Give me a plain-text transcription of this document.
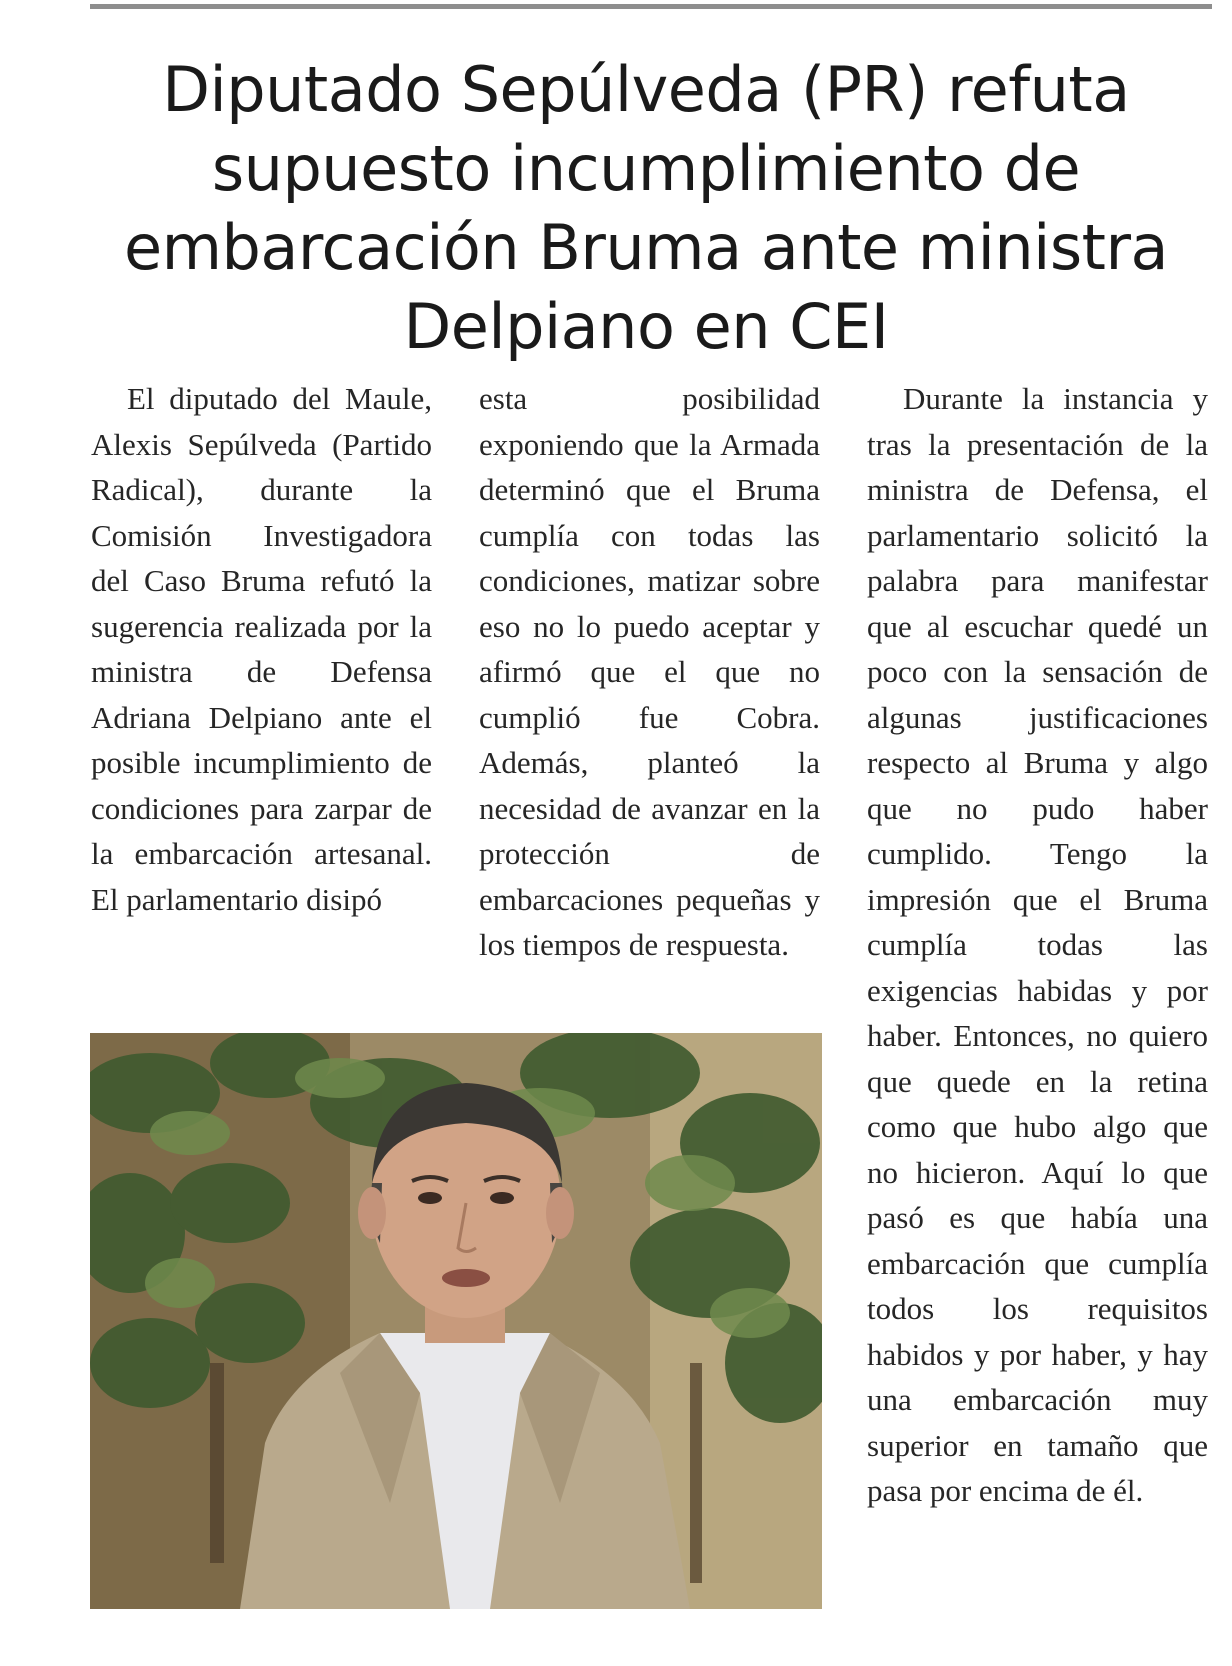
Diputado Sepúlveda (PR) refuta supuesto incumplimiento de embarcación Bruma ante ministra Delpiano en CEI

El diputado del Maule, Alexis Sepúlveda (Partido Radical), durante la Comisión Investigadora del Caso Bruma refutó la sugerencia realizada por la ministra de Defensa Adriana Delpiano ante el posible incumplimiento de condiciones para zarpar de la embarcación artesanal. El parlamentario disipó

esta posibilidad exponiendo que la Armada determinó que el Bruma cumplía con todas las condiciones, matizar sobre eso no lo puedo aceptar y afirmó que el que no cumplió fue Cobra. Además, planteó la necesidad de avanzar en la protección de embarcaciones pequeñas y los tiempos de respuesta.

Durante la instancia y tras la presentación de la ministra de Defensa, el parlamentario solicitó la palabra para manifestar que al escuchar quedé un poco con la sensación de algunas justificaciones respecto al Bruma y algo que no pudo haber cumplido. Tengo la impresión que el Bruma cumplía todas las exigencias habidas y por haber. Entonces, no quiero que quede en la retina como que hubo algo que no hicieron. Aquí lo que pasó es que había una embarcación que cumplía todos los requisitos habidos y por haber, y hay una embarcación muy superior en tamaño que pasa por encima de él.
